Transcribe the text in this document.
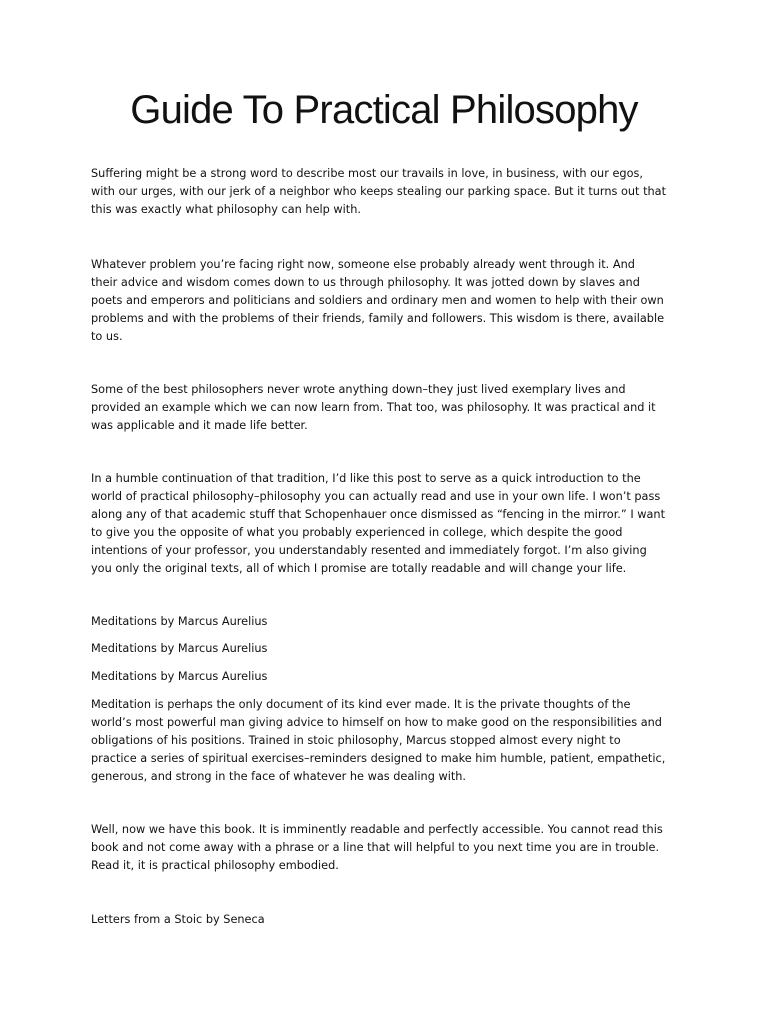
Guide To Practical Philosophy

Suffering might be a strong word to describe most our travails in love, in business, with our egos,
with our urges, with our jerk of a neighbor who keeps stealing our parking space. But it turns out that
this was exactly what philosophy can help with.

Whatever problem you’re facing right now, someone else probably already went through it. And
their advice and wisdom comes down to us through philosophy. It was jotted down by slaves and
poets and emperors and politicians and soldiers and ordinary men and women to help with their own
problems and with the problems of their friends, family and followers. This wisdom is there, available
to us.

Some of the best philosophers never wrote anything down–they just lived exemplary lives and
provided an example which we can now learn from. That too, was philosophy. It was practical and it
was applicable and it made life better.

In a humble continuation of that tradition, I’d like this post to serve as a quick introduction to the
world of practical philosophy–philosophy you can actually read and use in your own life. I won’t pass
along any of that academic stuff that Schopenhauer once dismissed as “fencing in the mirror.” I want
to give you the opposite of what you probably experienced in college, which despite the good
intentions of your professor, you understandably resented and immediately forgot. I’m also giving
you only the original texts, all of which I promise are totally readable and will change your life.

Meditations by Marcus Aurelius

Meditations by Marcus Aurelius

Meditations by Marcus Aurelius

Meditation is perhaps the only document of its kind ever made. It is the private thoughts of the
world’s most powerful man giving advice to himself on how to make good on the responsibilities and
obligations of his positions. Trained in stoic philosophy, Marcus stopped almost every night to
practice a series of spiritual exercises–reminders designed to make him humble, patient, empathetic,
generous, and strong in the face of whatever he was dealing with.

Well, now we have this book. It is imminently readable and perfectly accessible. You cannot read this
book and not come away with a phrase or a line that will helpful to you next time you are in trouble.
Read it, it is practical philosophy embodied.

Letters from a Stoic by Seneca
